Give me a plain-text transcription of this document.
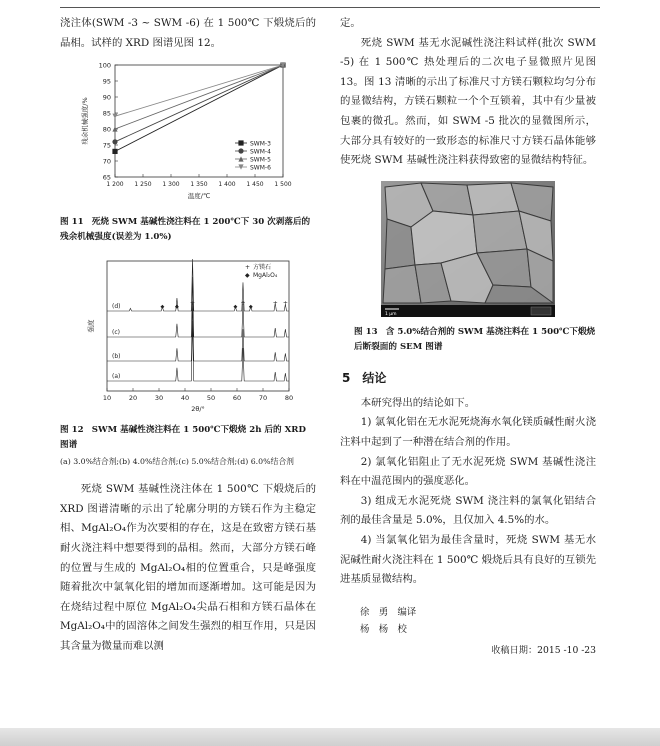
浇注体(SWM -3 ~ SWM -6) 在 1 500℃ 下煅烧后的晶相。试样的 XRD 图谱见图 12。

65
70
75
80
85
90
95
100
1 200 1 250 1 300 1 350 1 400 1 450 1 500
温度/℃
残余机械强度/%	SWM-3
SWM-4
SWM-5
SWM-6

图 11 死烧 SWM 基碱性浇注料在 1 200℃下 30 次剥落后的残余机械强度(误差为 1.0%)

10	20	30	40	50	60	70	80
2θ/°
强度
+ 方镁石
◆ MgAl₂O₄
(a)
(b)
(c)
(d)	◆ ◆ +	◆ + ◆	+ +

图 12 SWM 基碱性浇注料在 1 500℃下煅烧 2h 后的 XRD 图谱

(a) 3.0%结合剂;(b) 4.0%结合剂;(c) 5.0%结合剂;(d) 6.0%结合剂

死烧 SWM 基碱性浇注体在 1 500℃ 下煅烧后的 XRD 图谱清晰的示出了轮廓分明的方镁石作为主稳定相、MgAl₂O₄作为次要相的存在，这是在致密方镁石基耐火浇注料中想要得到的晶相。然而，大部分方镁石峰的位置与生成的 MgAl₂O₄相的位置重合，只是峰强度随着批次中氯氧化铝的增加而逐渐增加。这可能是因为在烧结过程中原位 MgAl₂O₄尖晶石相和方镁石晶体在 MgAl₂O₄中的固溶体之间发生强烈的相互作用，只是因其含量为微量而难以测

定。

死烧 SWM 基无水泥碱性浇注料试样(批次 SWM -5) 在 1 500℃ 热处理后的二次电子显微照片见图 13。图 13 清晰的示出了标准尺寸方镁石颗粒均匀分布的显微结构，方镁石颗粒一个个互锁着，其中有少量被包裹的微孔。然而，如 SWM -5 批次的显微图所示，大部分具有较好的一致形态的标准尺寸方镁石晶体能够使死烧 SWM 基碱性浇注料获得致密的显微结构特征。

1 μm

图 13 含 5.0%结合剂的 SWM 基浇注料在 1 500℃下煅烧后断裂面的 SEM 图谱

5　结论

本研究得出的结论如下。

1) 氯氧化铝在无水泥死烧海水氧化镁质碱性耐火浇注料中起到了一种潜在结合剂的作用。

2) 氯氧化铝阻止了无水泥死烧 SWM 基碱性浇注料在中温范围内的强度恶化。

3) 组成无水泥死烧 SWM 浇注料的氯氧化铝结合剂的最佳含量是 5.0%，且仅加入 4.5%的水。

4) 当氯氧化铝为最佳含量时，死烧 SWM 基无水泥碱性耐火浇注料在 1 500℃ 煅烧后具有良好的互锁先进基质显微结构。

徐　勇　编译
杨　杨　校
收稿日期：2015 -10 -23
